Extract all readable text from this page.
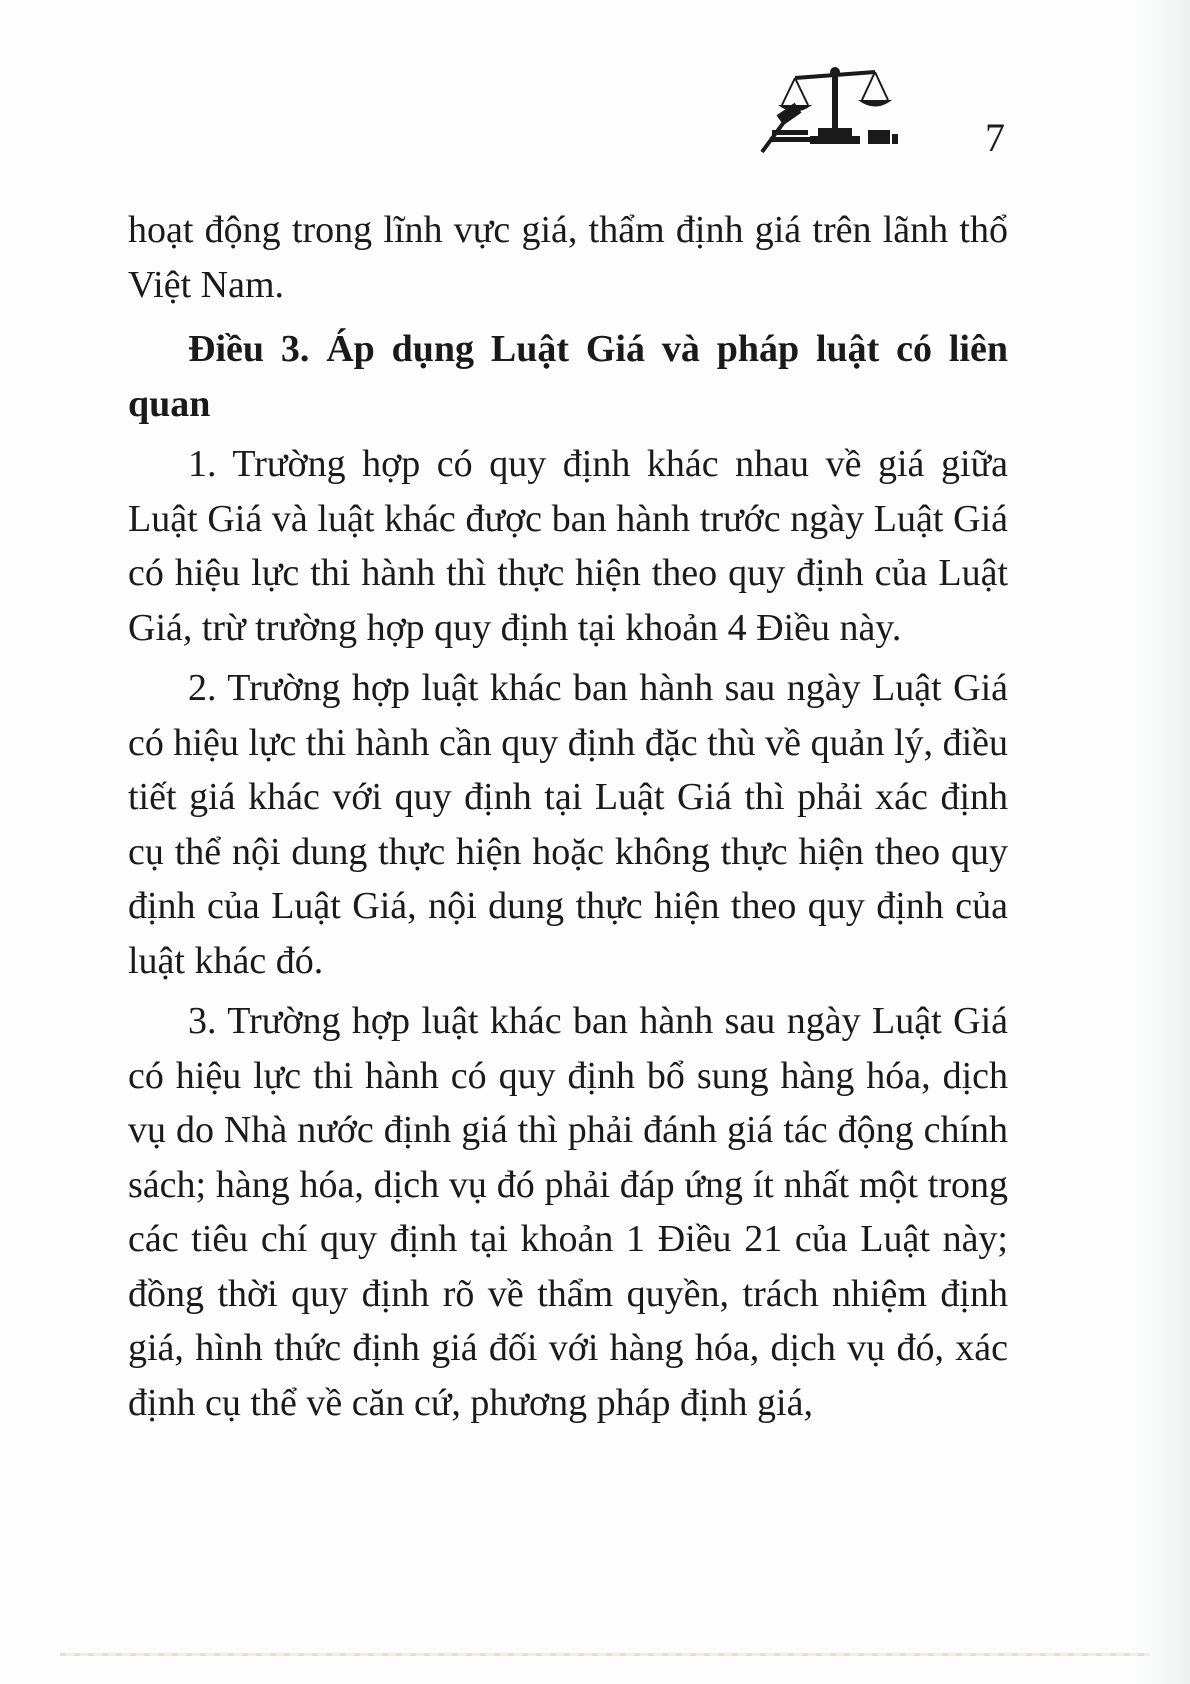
7

hoạt động trong lĩnh vực giá, thẩm định giá trên lãnh thổ Việt Nam.

Điều 3. Áp dụng Luật Giá và pháp luật có liên quan

1. Trường hợp có quy định khác nhau về giá giữa Luật Giá và luật khác được ban hành trước ngày Luật Giá có hiệu lực thi hành thì thực hiện theo quy định của Luật Giá, trừ trường hợp quy định tại khoản 4 Điều này.

2. Trường hợp luật khác ban hành sau ngày Luật Giá có hiệu lực thi hành cần quy định đặc thù về quản lý, điều tiết giá khác với quy định tại Luật Giá thì phải xác định cụ thể nội dung thực hiện hoặc không thực hiện theo quy định của Luật Giá, nội dung thực hiện theo quy định của luật khác đó.

3. Trường hợp luật khác ban hành sau ngày Luật Giá có hiệu lực thi hành có quy định bổ sung hàng hóa, dịch vụ do Nhà nước định giá thì phải đánh giá tác động chính sách; hàng hóa, dịch vụ đó phải đáp ứng ít nhất một trong các tiêu chí quy định tại khoản 1 Điều 21 của Luật này; đồng thời quy định rõ về thẩm quyền, trách nhiệm định giá, hình thức định giá đối với hàng hóa, dịch vụ đó, xác định cụ thể về căn cứ, phương pháp định giá,
